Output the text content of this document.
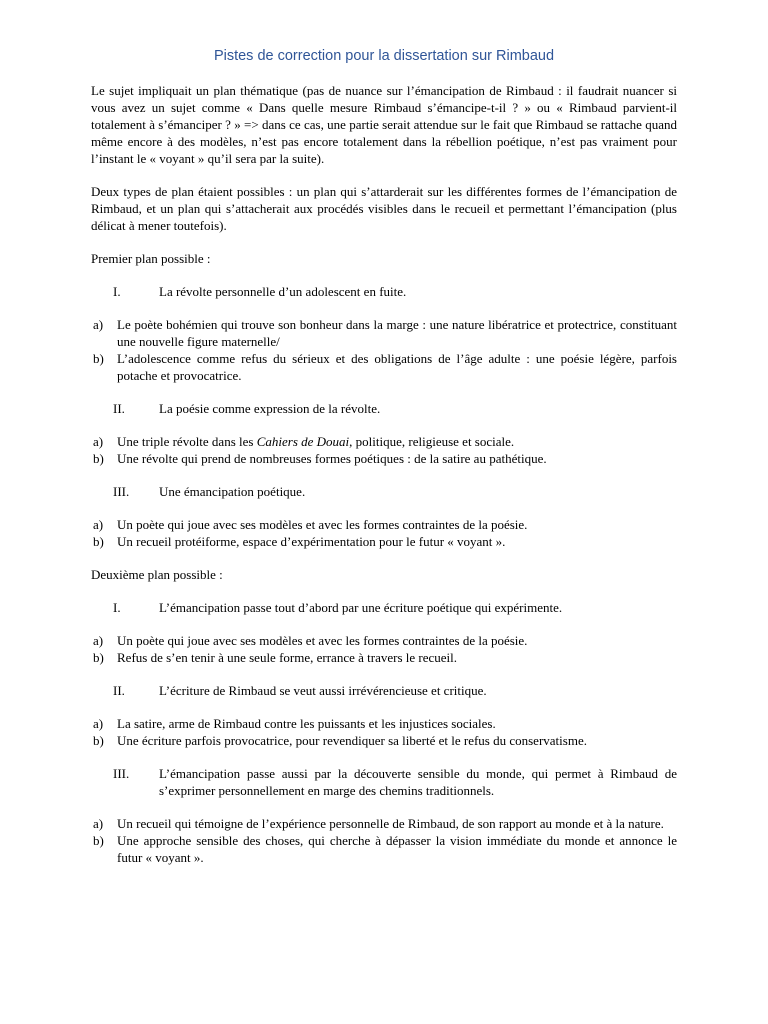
Pistes de correction pour la dissertation sur Rimbaud

Le sujet impliquait un plan thématique (pas de nuance sur l’émancipation de Rimbaud : il faudrait nuancer si vous avez un sujet comme « Dans quelle mesure Rimbaud s’émancipe-t-il ? » ou « Rimbaud parvient-il totalement à s’émanciper ? » => dans ce cas, une partie serait attendue sur le fait que Rimbaud se rattache quand même encore à des modèles, n’est pas encore totalement dans la rébellion poétique, n’est pas vraiment pour l’instant le « voyant » qu’il sera par la suite).

Deux types de plan étaient possibles : un plan qui s’attarderait sur les différentes formes de l’émancipation de Rimbaud, et un plan qui s’attacherait aux procédés visibles dans le recueil et permettant l’émancipation (plus délicat à mener toutefois).

Premier plan possible :

I.	La révolte personnelle d’un adolescent en fuite.
a)	Le poète bohémien qui trouve son bonheur dans la marge : une nature libératrice et protectrice, constituant une nouvelle figure maternelle/
b)	L’adolescence comme refus du sérieux et des obligations de l’âge adulte : une poésie légère, parfois potache et provocatrice.
II.	La poésie comme expression de la révolte.
a)	Une triple révolte dans les Cahiers de Douai, politique, religieuse et sociale.
b)	Une révolte qui prend de nombreuses formes poétiques : de la satire au pathétique.
III.	Une émancipation poétique.
a)	Un poète qui joue avec ses modèles et avec les formes contraintes de la poésie.
b)	Un recueil protéiforme, espace d’expérimentation pour le futur « voyant ».

Deuxième plan possible :

I.	L’émancipation passe tout d’abord par une écriture poétique qui expérimente.
a)	Un poète qui joue avec ses modèles et avec les formes contraintes de la poésie.
b)	Refus de s’en tenir à une seule forme, errance à travers le recueil.
II.	L’écriture de Rimbaud se veut aussi irrévérencieuse et critique.
a)	La satire, arme de Rimbaud contre les puissants et les injustices sociales.
b)	Une écriture parfois provocatrice, pour revendiquer sa liberté et le refus du conservatisme.
III.	L’émancipation passe aussi par la découverte sensible du monde, qui permet à Rimbaud de s’exprimer personnellement en marge des chemins traditionnels.
a)	Un recueil qui témoigne de l’expérience personnelle de Rimbaud, de son rapport au monde et à la nature.
b)	Une approche sensible des choses, qui cherche à dépasser la vision immédiate du monde et annonce le futur « voyant ».
